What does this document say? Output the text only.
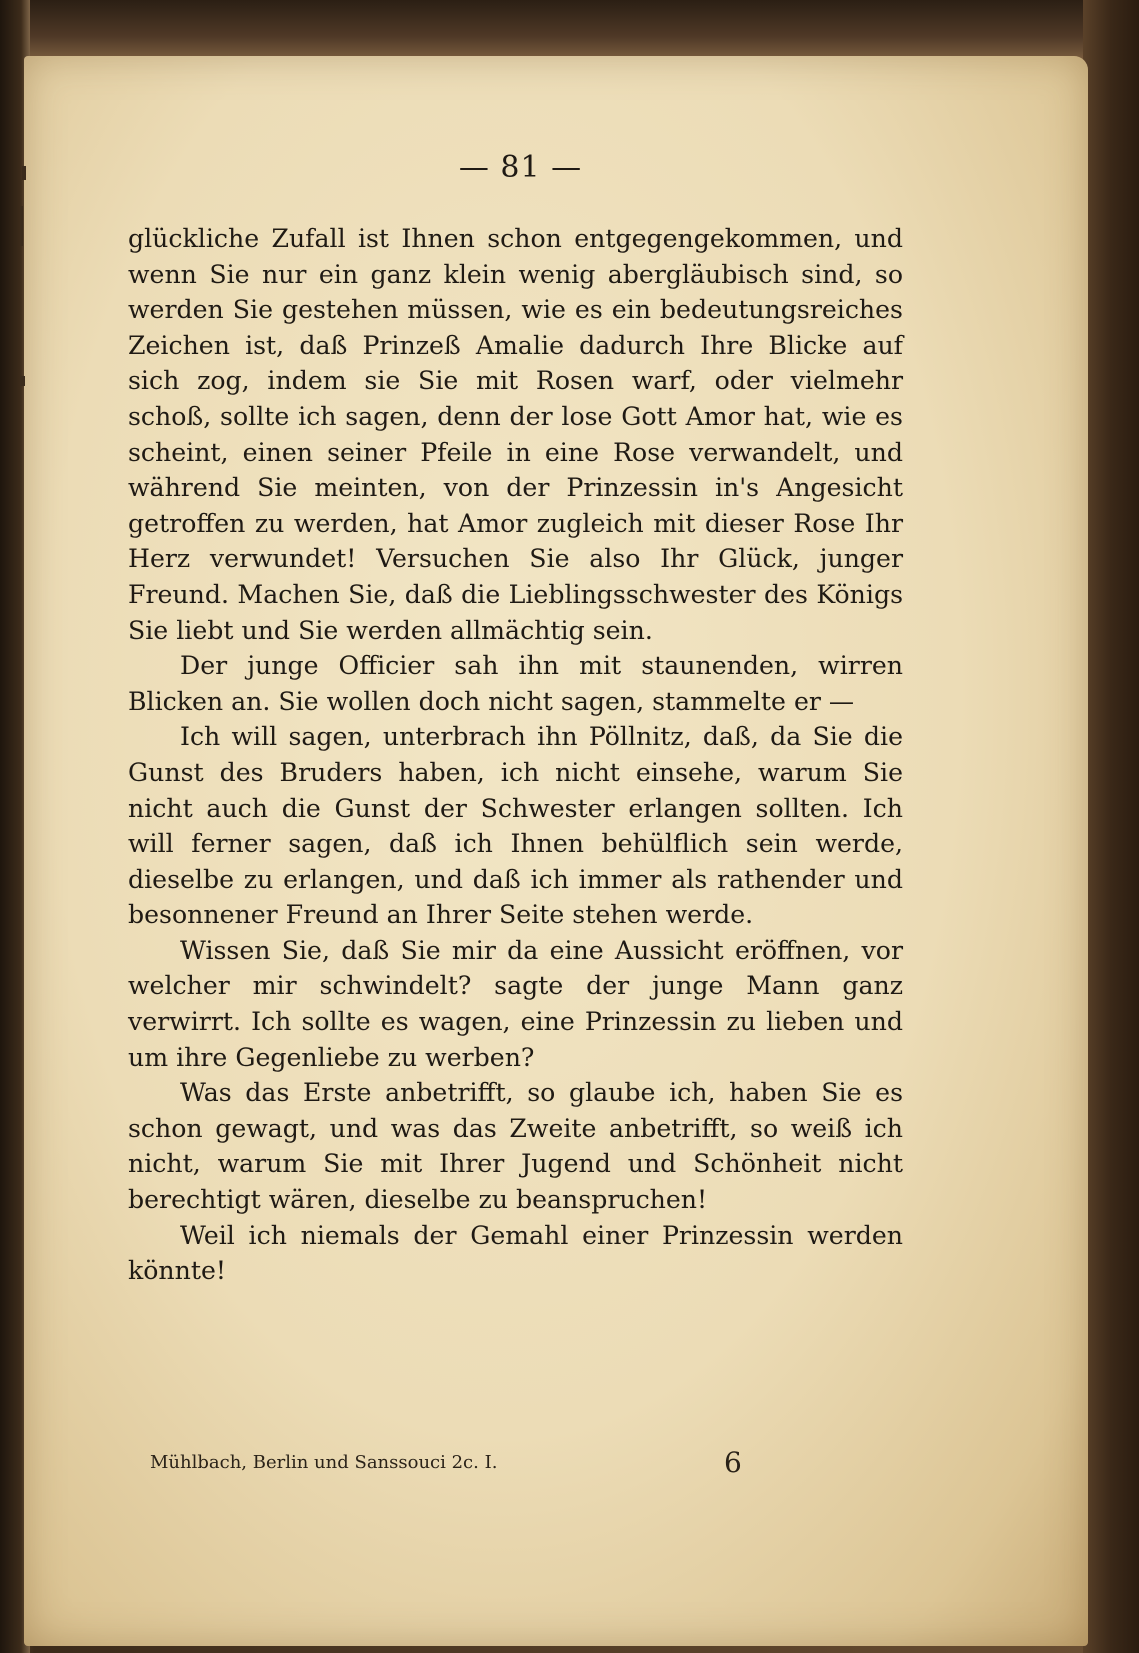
— 81 —

glückliche Zufall ist Ihnen schon entgegengekommen, und wenn Sie nur ein ganz klein wenig abergläubisch sind, so werden Sie gestehen müssen, wie es ein bedeutungsreiches Zeichen ist, daß Prinzeß Amalie dadurch Ihre Blicke auf sich zog, indem sie Sie mit Rosen warf, oder vielmehr schoß, sollte ich sagen, denn der lose Gott Amor hat, wie es scheint, einen seiner Pfeile in eine Rose verwandelt, und während Sie meinten, von der Prinzessin in's Angesicht getroffen zu werden, hat Amor zugleich mit dieser Rose Ihr Herz verwundet! Versuchen Sie also Ihr Glück, junger Freund. Machen Sie, daß die Lieblingsschwester des Königs Sie liebt und Sie werden allmächtig sein.

Der junge Officier sah ihn mit staunenden, wirren Blicken an. Sie wollen doch nicht sagen, stammelte er —

Ich will sagen, unterbrach ihn Pöllnitz, daß, da Sie die Gunst des Bruders haben, ich nicht einsehe, warum Sie nicht auch die Gunst der Schwester erlangen sollten. Ich will ferner sagen, daß ich Ihnen behülflich sein werde, dieselbe zu erlangen, und daß ich immer als rathender und besonnener Freund an Ihrer Seite stehen werde.

Wissen Sie, daß Sie mir da eine Aussicht eröffnen, vor welcher mir schwindelt? sagte der junge Mann ganz verwirrt. Ich sollte es wagen, eine Prinzessin zu lieben und um ihre Gegenliebe zu werben?

Was das Erste anbetrifft, so glaube ich, haben Sie es schon gewagt, und was das Zweite anbetrifft, so weiß ich nicht, warum Sie mit Ihrer Jugend und Schönheit nicht berechtigt wären, dieselbe zu beanspruchen!

Weil ich niemals der Gemahl einer Prinzessin werden könnte!

Mühlbach, Berlin und Sanssouci 2c. I.	6
